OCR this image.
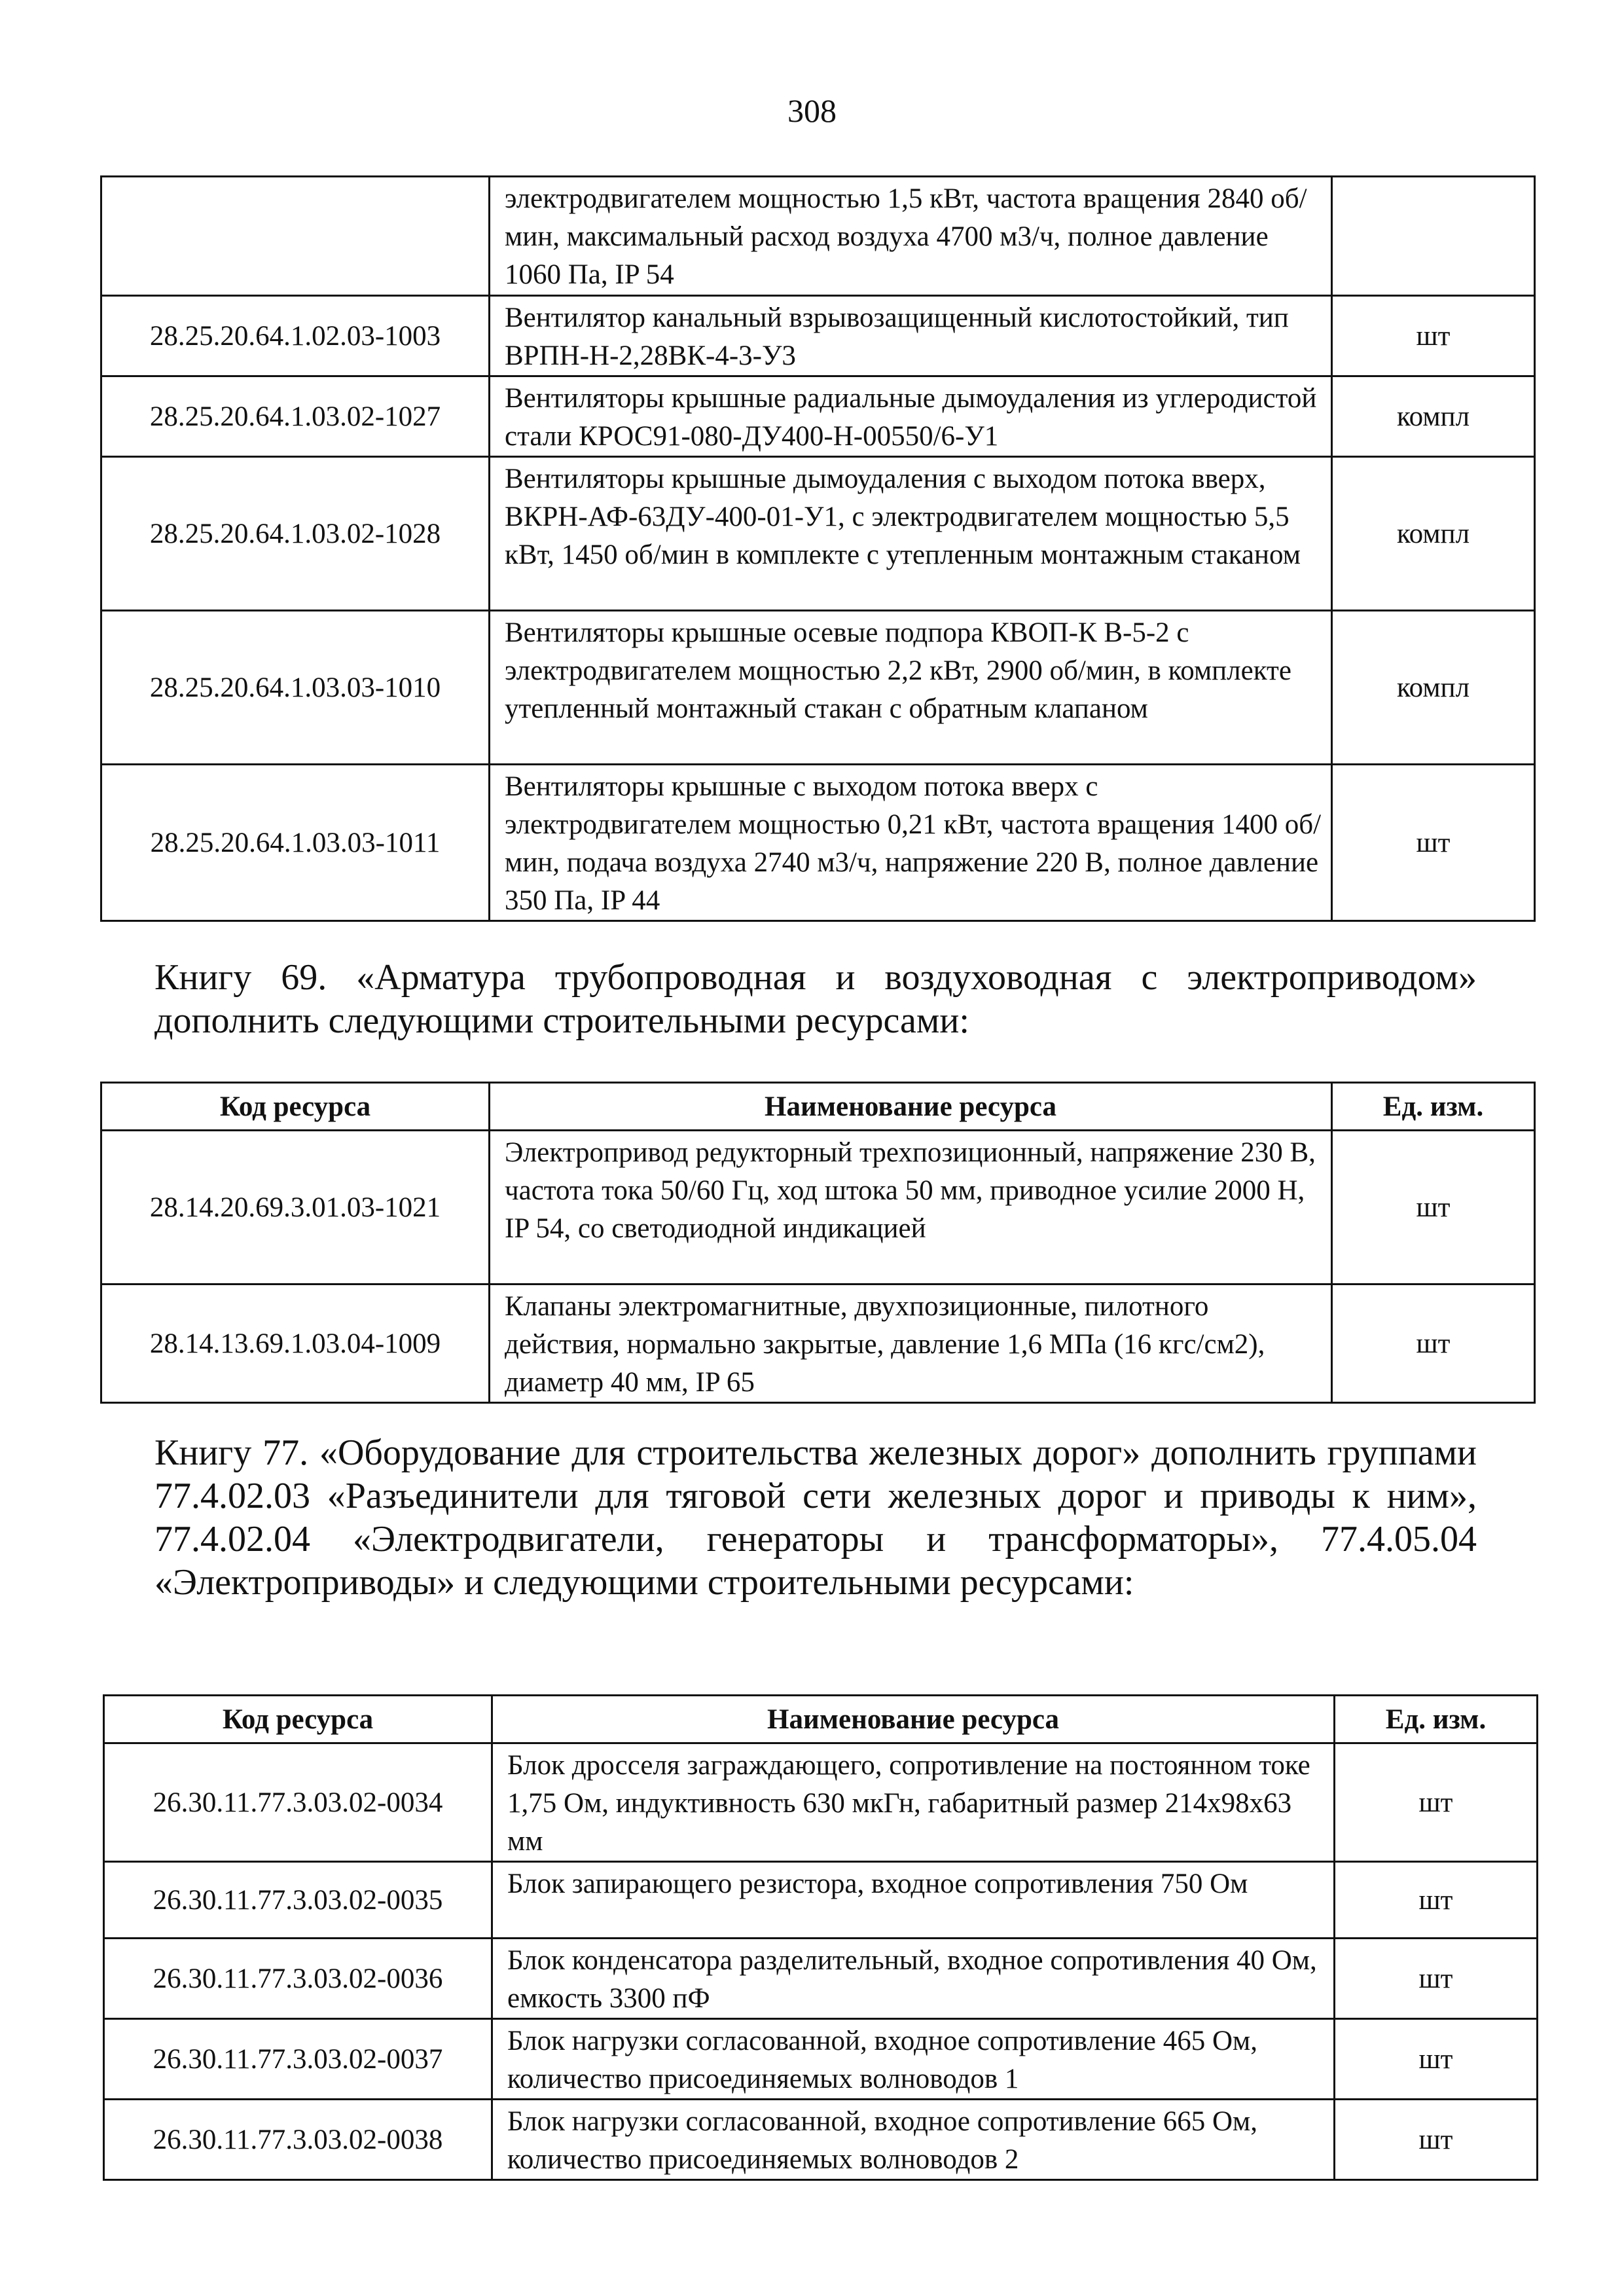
308
	электродвигателем мощностью 1,5 кВт, частота вращения 2840 об/мин, максимальный расход воздуха 4700 м3/ч, полное давление 1060 Па, IP 54	
28.25.20.64.1.02.03-1003	Вентилятор канальный взрывозащищенный кислотостойкий, тип ВРПН-Н-2,28ВК-4-3-У3	шт
28.25.20.64.1.03.02-1027	Вентиляторы крышные радиальные дымоудаления из углеродистой стали КРОС91-080-ДУ400-Н-00550/6-У1	компл
28.25.20.64.1.03.02-1028	Вентиляторы крышные дымоудаления с выходом потока вверх, ВКРН-АФ-63ДУ-400-01-У1, с электродвигателем мощностью 5,5 кВт, 1450 об/мин в комплекте с утепленным монтажным стаканом	компл
28.25.20.64.1.03.03-1010	Вентиляторы крышные осевые подпора КВОП-К В-5-2 с электродвигателем мощностью 2,2 кВт, 2900 об/мин, в комплекте утепленный монтажный стакан с обратным клапаном	компл
28.25.20.64.1.03.03-1011	Вентиляторы крышные с выходом потока вверх с электродвигателем мощностью 0,21 кВт, частота вращения 1400 об/мин, подача воздуха 2740 м3/ч, напряжение 220 В, полное давление 350 Па, IP 44	шт
Книгу 69. «Арматура трубопроводная и воздуховодная с электроприводом» дополнить следующими строительными ресурсами:
Код ресурса	Наименование ресурса	Ед. изм.
28.14.20.69.3.01.03-1021	Электропривод редукторный трехпозиционный, напряжение 230 В, частота тока 50/60 Гц, ход штока 50 мм, приводное усилие 2000 Н, IP 54, со светодиодной индикацией	шт
28.14.13.69.1.03.04-1009	Клапаны электромагнитные, двухпозиционные, пилотного действия, нормально закрытые, давление 1,6 МПа (16 кгс/см2), диаметр 40 мм, IP 65	шт
Книгу 77. «Оборудование для строительства железных дорог» дополнить группами 77.4.02.03 «Разъединители для тяговой сети железных дорог и приводы к ним», 77.4.02.04 «Электродвигатели, генераторы и трансформаторы», 77.4.05.04 «Электроприводы» и следующими строительными ресурсами:
Код ресурса	Наименование ресурса	Ед. изм.
26.30.11.77.3.03.02-0034	Блок дросселя заграждающего, сопротивление на постоянном токе 1,75 Ом, индуктивность 630 мкГн, габаритный размер 214х98х63 мм	шт
26.30.11.77.3.03.02-0035	Блок запирающего резистора, входное сопротивления 750 Ом	шт
26.30.11.77.3.03.02-0036	Блок конденсатора разделительный, входное сопротивления 40 Ом, емкость 3300 пФ	шт
26.30.11.77.3.03.02-0037	Блок нагрузки согласованной, входное сопротивление 465 Ом, количество присоединяемых волноводов 1	шт
26.30.11.77.3.03.02-0038	Блок нагрузки согласованной, входное сопротивление 665 Ом, количество присоединяемых волноводов 2	шт
